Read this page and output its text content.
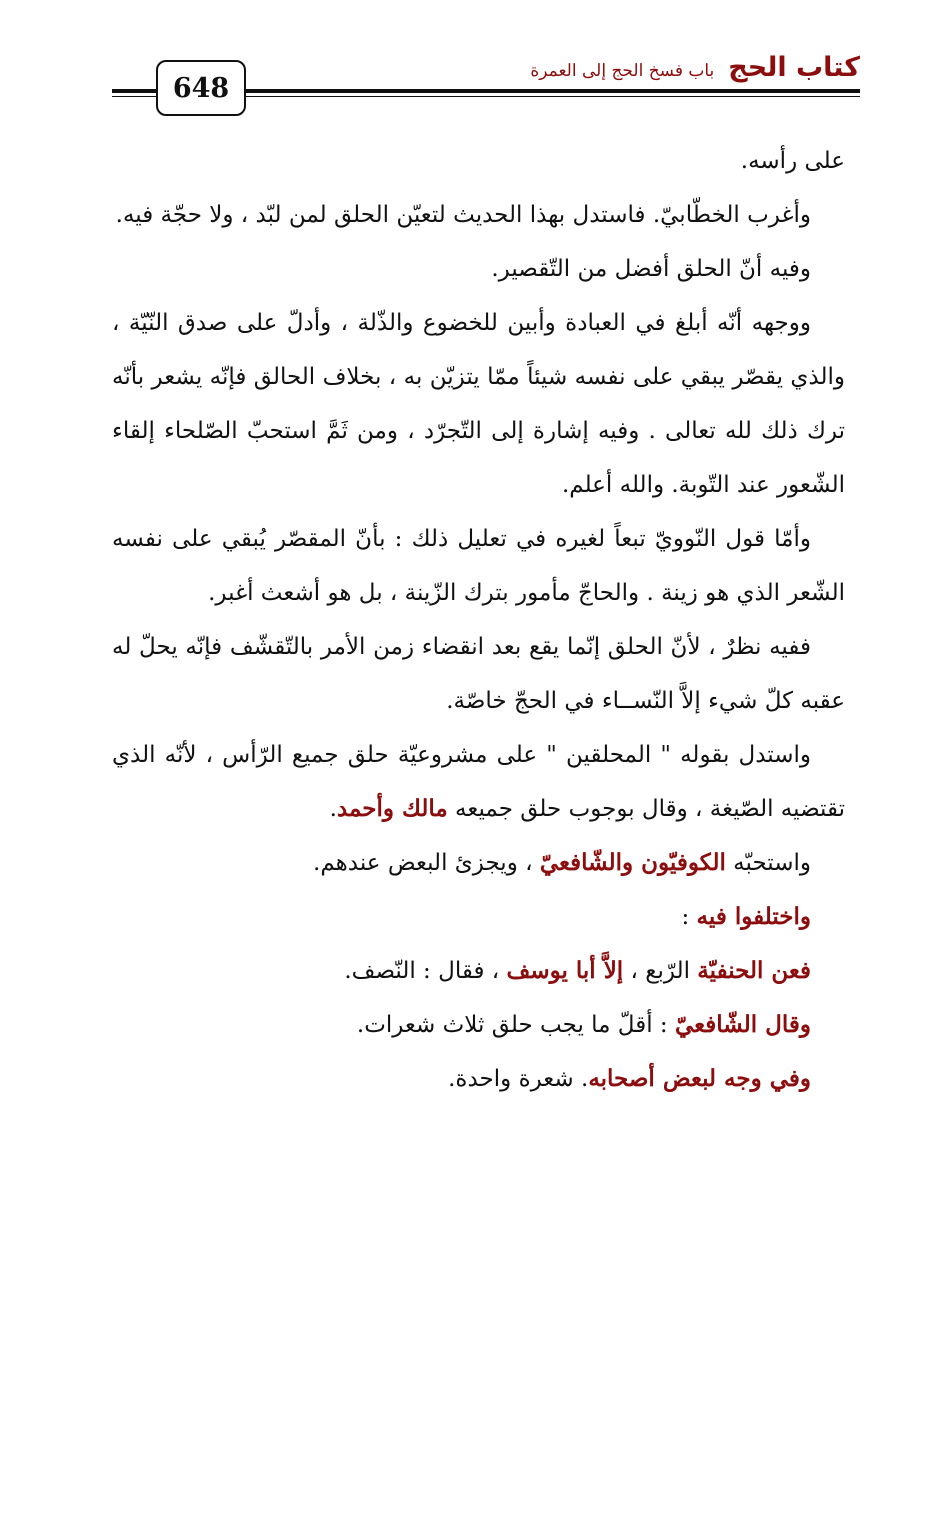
كتاب الحج
باب فسخ الحج إلى العمرة
648

على رأسه.

وأغرب الخطّابيّ. فاستدل بهذا الحديث لتعيّن الحلق لمن لبّد ، ولا حجّة فيه.

وفيه أنّ الحلق أفضل من التّقصير.

ووجهه أنّه أبلغ في العبادة وأبين للخضوع والذّلة ، وأدلّ على صدق النّيّة ، والذي يقصّر يبقي على نفسه شيئاً ممّا يتزيّن به ، بخلاف الحالق فإنّه يشعر بأنّه ترك ذلك لله تعالى . وفيه إشارة إلى التّجرّد ، ومن ثَمَّ استحبّ الصّلحاء إلقاء الشّعور عند التّوبة. والله أعلم.

وأمّا قول النّوويّ تبعاً لغيره في تعليل ذلك : بأنّ المقصّر يُبقي على نفسه الشّعر الذي هو زينة . والحاجّ مأمور بترك الزّينة ، بل هو أشعث أغبر.

ففيه نظرٌ ، لأنّ الحلق إنّما يقع بعد انقضاء زمن الأمر بالتّقشّف فإنّه يحلّ له عقبه كلّ شيء إلاَّ النّســاء في الحجّ خاصّة.

واستدل بقوله " المحلقين " على مشروعيّة حلق جميع الرّأس ، لأنّه الذي تقتضيه الصّيغة ، وقال بوجوب حلق جميعه مالك وأحمد.

واستحبّه الكوفيّون والشّافعيّ ، ويجزئ البعض عندهم.

واختلفوا فيه :

فعن الحنفيّة الرّبع ، إلاَّ أبا يوسف ، فقال : النّصف.

وقال الشّافعيّ : أقلّ ما يجب حلق ثلاث شعرات.

وفي وجه لبعض أصحابه. شعرة واحدة.
